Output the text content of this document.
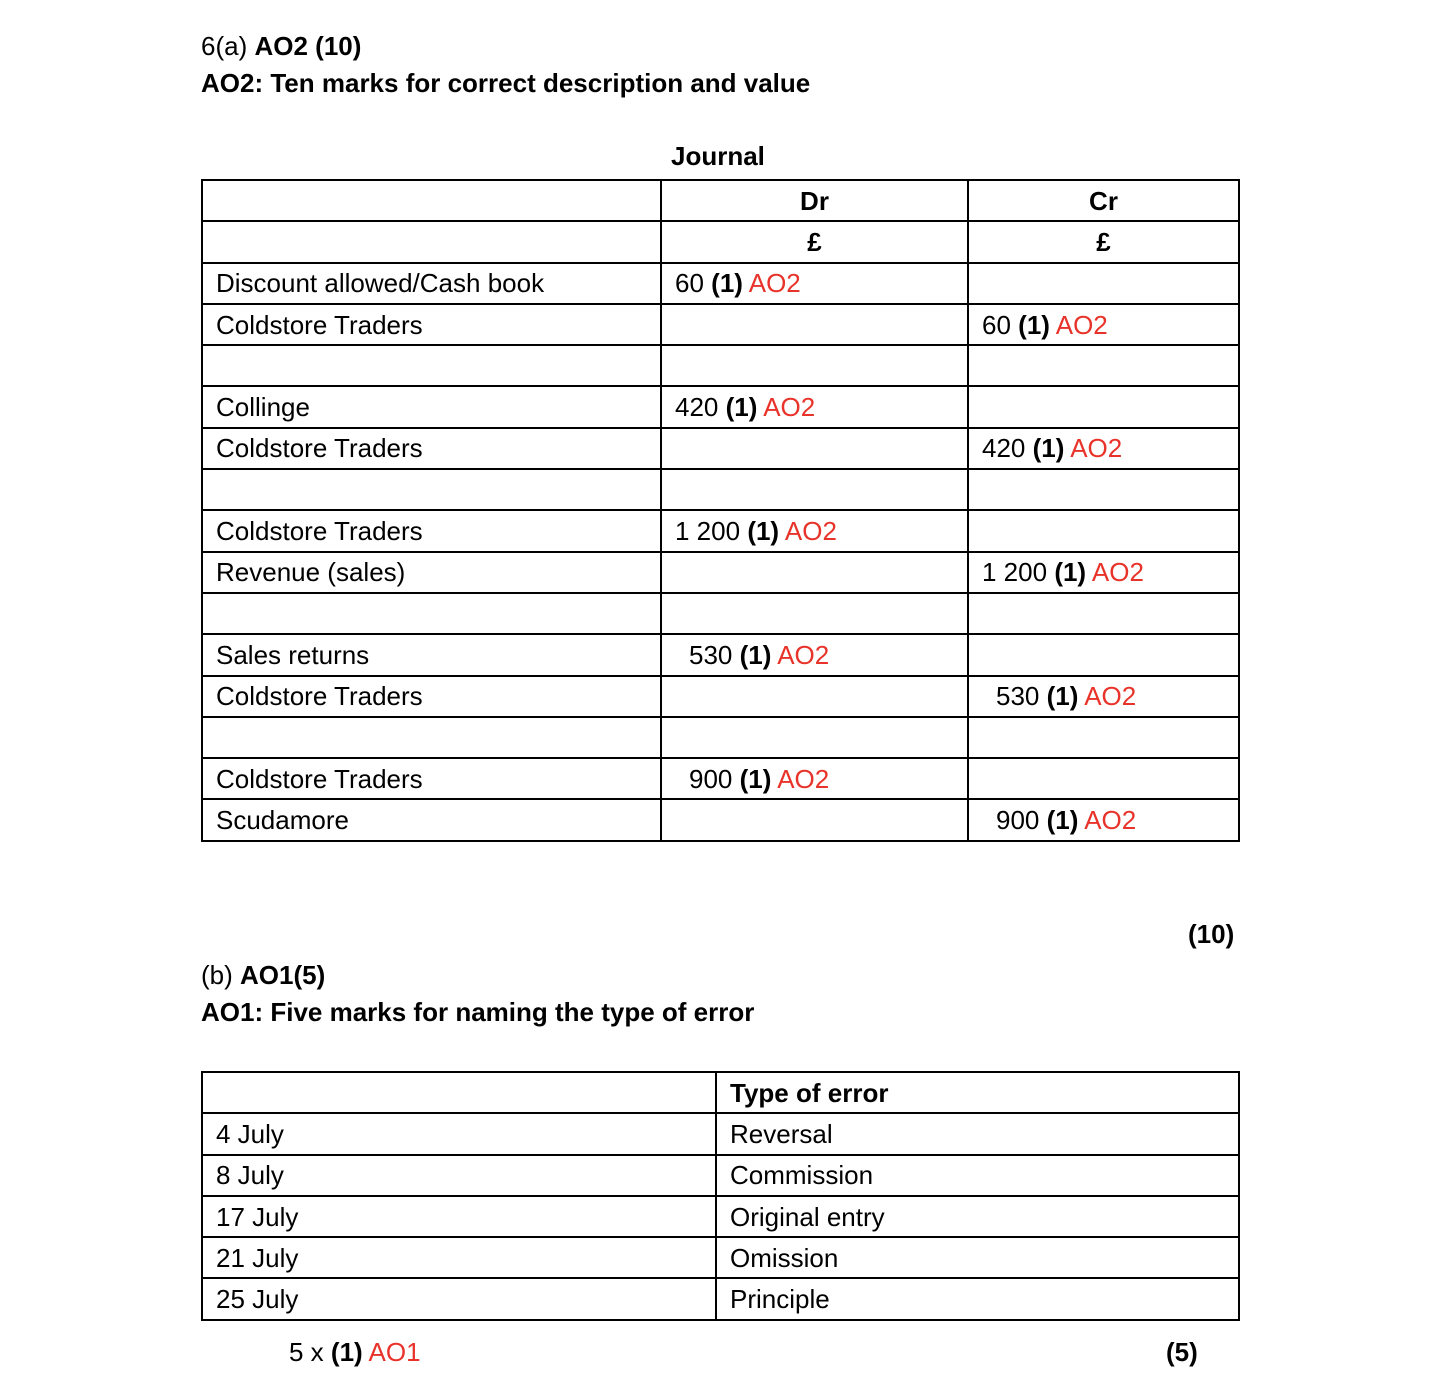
6(a) AO2 (10)
AO2: Ten marks for correct description and value
Journal
	Dr	Cr
	£	£
Discount allowed/Cash book	60 (1) AO2	
Coldstore Traders		60 (1) AO2

Collinge	420 (1) AO2	
Coldstore Traders		420 (1) AO2

Coldstore Traders	1 200 (1) AO2	
Revenue (sales)		1 200 (1) AO2

Sales returns	530 (1) AO2	
Coldstore Traders		530 (1) AO2

Coldstore Traders	900 (1) AO2	
Scudamore		900 (1) AO2
(10)
(b) AO1(5)
AO1: Five marks for naming the type of error
	Type of error
4 July	Reversal
8 July	Commission
17 July	Original entry
21 July	Omission
25 July	Principle
5 x (1) AO1	(5)
